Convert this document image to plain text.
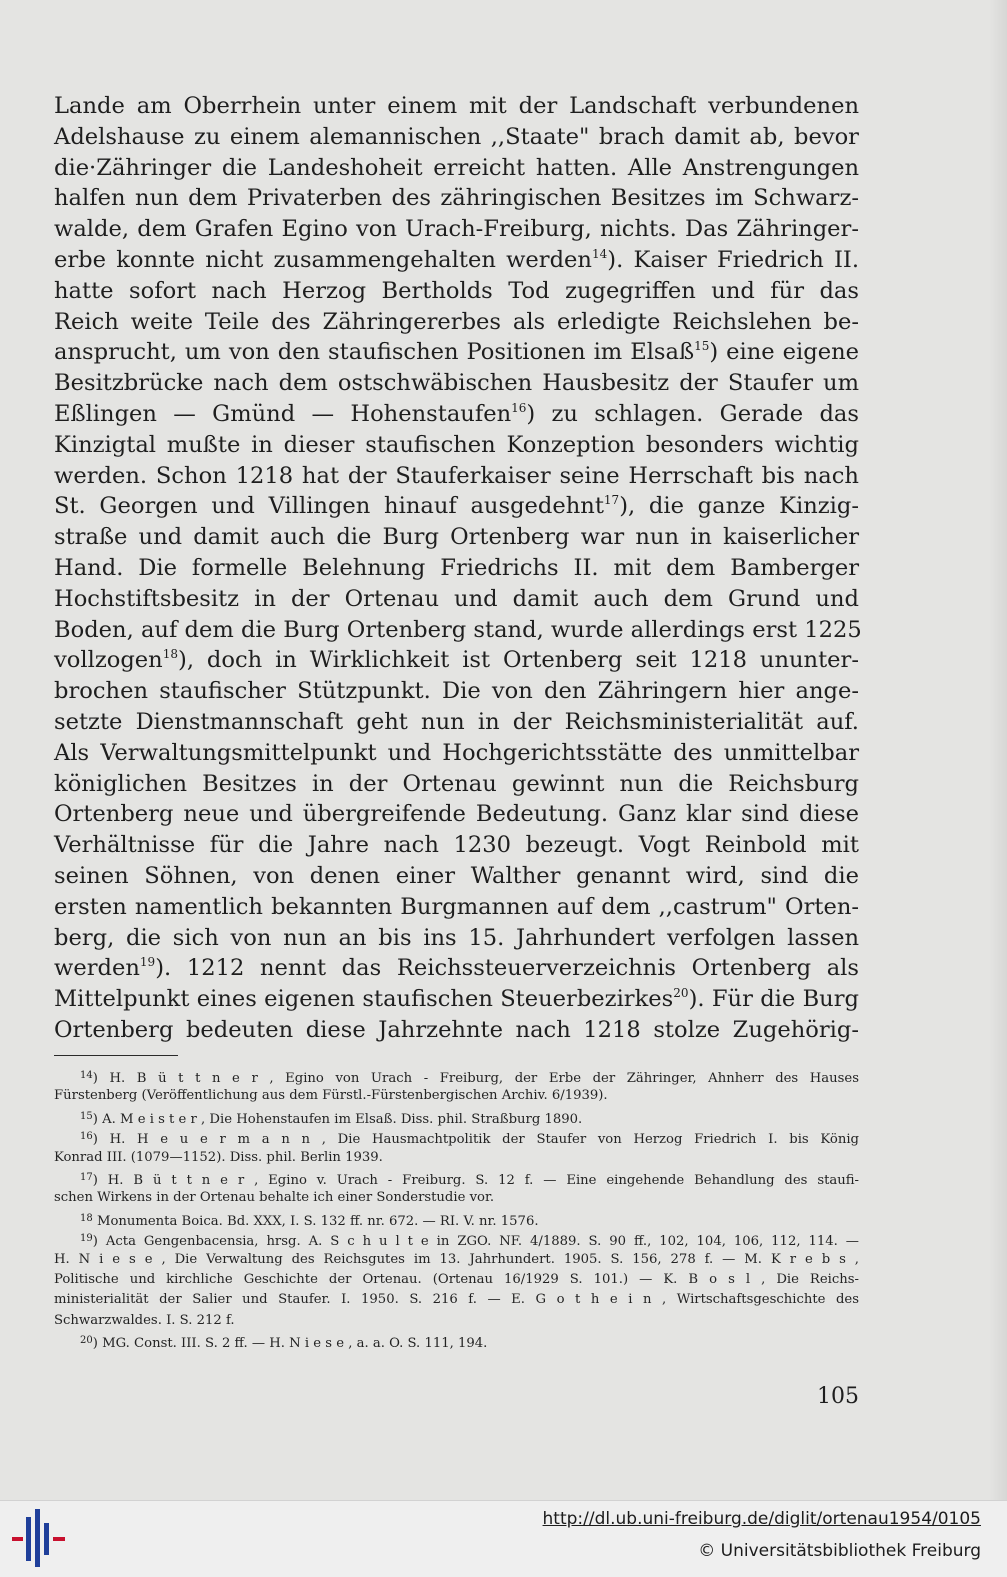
Lande am Oberrhein unter einem mit der Landschaft verbundenen
Adelshause zu einem alemannischen ,,Staate" brach damit ab, bevor
die·Zähringer die Landeshoheit erreicht hatten. Alle Anstrengungen
halfen nun dem Privaterben des zähringischen Besitzes im Schwarz-
walde, dem Grafen Egino von Urach-Freiburg, nichts. Das Zähringer-
erbe konnte nicht zusammengehalten werden$^{14}$). Kaiser Friedrich II.
hatte sofort nach Herzog Bertholds Tod zugegriffen und für das
Reich weite Teile des Zähringererbes als erledigte Reichslehen be-
ansprucht, um von den staufischen Positionen im Elsaß$^{15}$) eine eigene
Besitzbrücke nach dem ostschwäbischen Hausbesitz der Staufer um
Eßlingen — Gmünd — Hohenstaufen$^{16}$) zu schlagen. Gerade das
Kinzigtal mußte in dieser staufischen Konzeption besonders wichtig
werden. Schon 1218 hat der Stauferkaiser seine Herrschaft bis nach
St. Georgen und Villingen hinauf ausgedehnt$^{17}$), die ganze Kinzig-
straße und damit auch die Burg Ortenberg war nun in kaiserlicher
Hand. Die formelle Belehnung Friedrichs II. mit dem Bamberger
Hochstiftsbesitz in der Ortenau und damit auch dem Grund und
Boden, auf dem die Burg Ortenberg stand, wurde allerdings erst 1225
vollzogen$^{18}$), doch in Wirklichkeit ist Ortenberg seit 1218 ununter-
brochen staufischer Stützpunkt. Die von den Zähringern hier ange-
setzte Dienstmannschaft geht nun in der Reichsministerialität auf.
Als Verwaltungsmittelpunkt und Hochgerichtsstätte des unmittelbar
königlichen Besitzes in der Ortenau gewinnt nun die Reichsburg
Ortenberg neue und übergreifende Bedeutung. Ganz klar sind diese
Verhältnisse für die Jahre nach 1230 bezeugt. Vogt Reinbold mit
seinen Söhnen, von denen einer Walther genannt wird, sind die
ersten namentlich bekannten Burgmannen auf dem ,,castrum" Orten-
berg, die sich von nun an bis ins 15. Jahrhundert verfolgen lassen
werden$^{19}$). 1212 nennt das Reichssteuerverzeichnis Ortenberg als
Mittelpunkt eines eigenen staufischen Steuerbezirkes$^{20}$). Für die Burg
Ortenberg bedeuten diese Jahrzehnte nach 1218 stolze Zugehörig-
$^{14}$) H. B ü t t n e r , Egino von Urach - Freiburg, der Erbe der Zähringer, Ahnherr des Hauses
Fürstenberg (Veröffentlichung aus dem Fürstl.-Fürstenbergischen Archiv. 6/1939).
$^{15}$) A. M e i s t e r , Die Hohenstaufen im Elsaß. Diss. phil. Straßburg 1890.
$^{16}$) H. H e u e r m a n n , Die Hausmachtpolitik der Staufer von Herzog Friedrich I. bis König
Konrad III. (1079—1152). Diss. phil. Berlin 1939.
$^{17}$) H. B ü t t n e r , Egino v. Urach - Freiburg. S. 12 f. — Eine eingehende Behandlung des staufi-
schen Wirkens in der Ortenau behalte ich einer Sonderstudie vor.
$^{18}$ Monumenta Boica. Bd. XXX, I. S. 132 ff. nr. 672. — RI. V. nr. 1576.
$^{19}$) Acta Gengenbacensia, hrsg. A. S c h u l t e in ZGO. NF. 4/1889. S. 90 ff., 102, 104, 106, 112, 114. —
H. N i e s e , Die Verwaltung des Reichsgutes im 13. Jahrhundert. 1905. S. 156, 278 f. — M. K r e b s ,
Politische und kirchliche Geschichte der Ortenau. (Ortenau 16/1929 S. 101.) — K. B o s l , Die Reichs-
ministerialität der Salier und Staufer. I. 1950. S. 216 f. — E. G o t h e i n , Wirtschaftsgeschichte des
Schwarzwaldes. I. S. 212 f.
$^{20}$) MG. Const. III. S. 2 ff. — H. N i e s e , a. a. O. S. 111, 194.
105
http://dl.ub.uni-freiburg.de/diglit/ortenau1954/0105
© Universitätsbibliothek Freiburg
